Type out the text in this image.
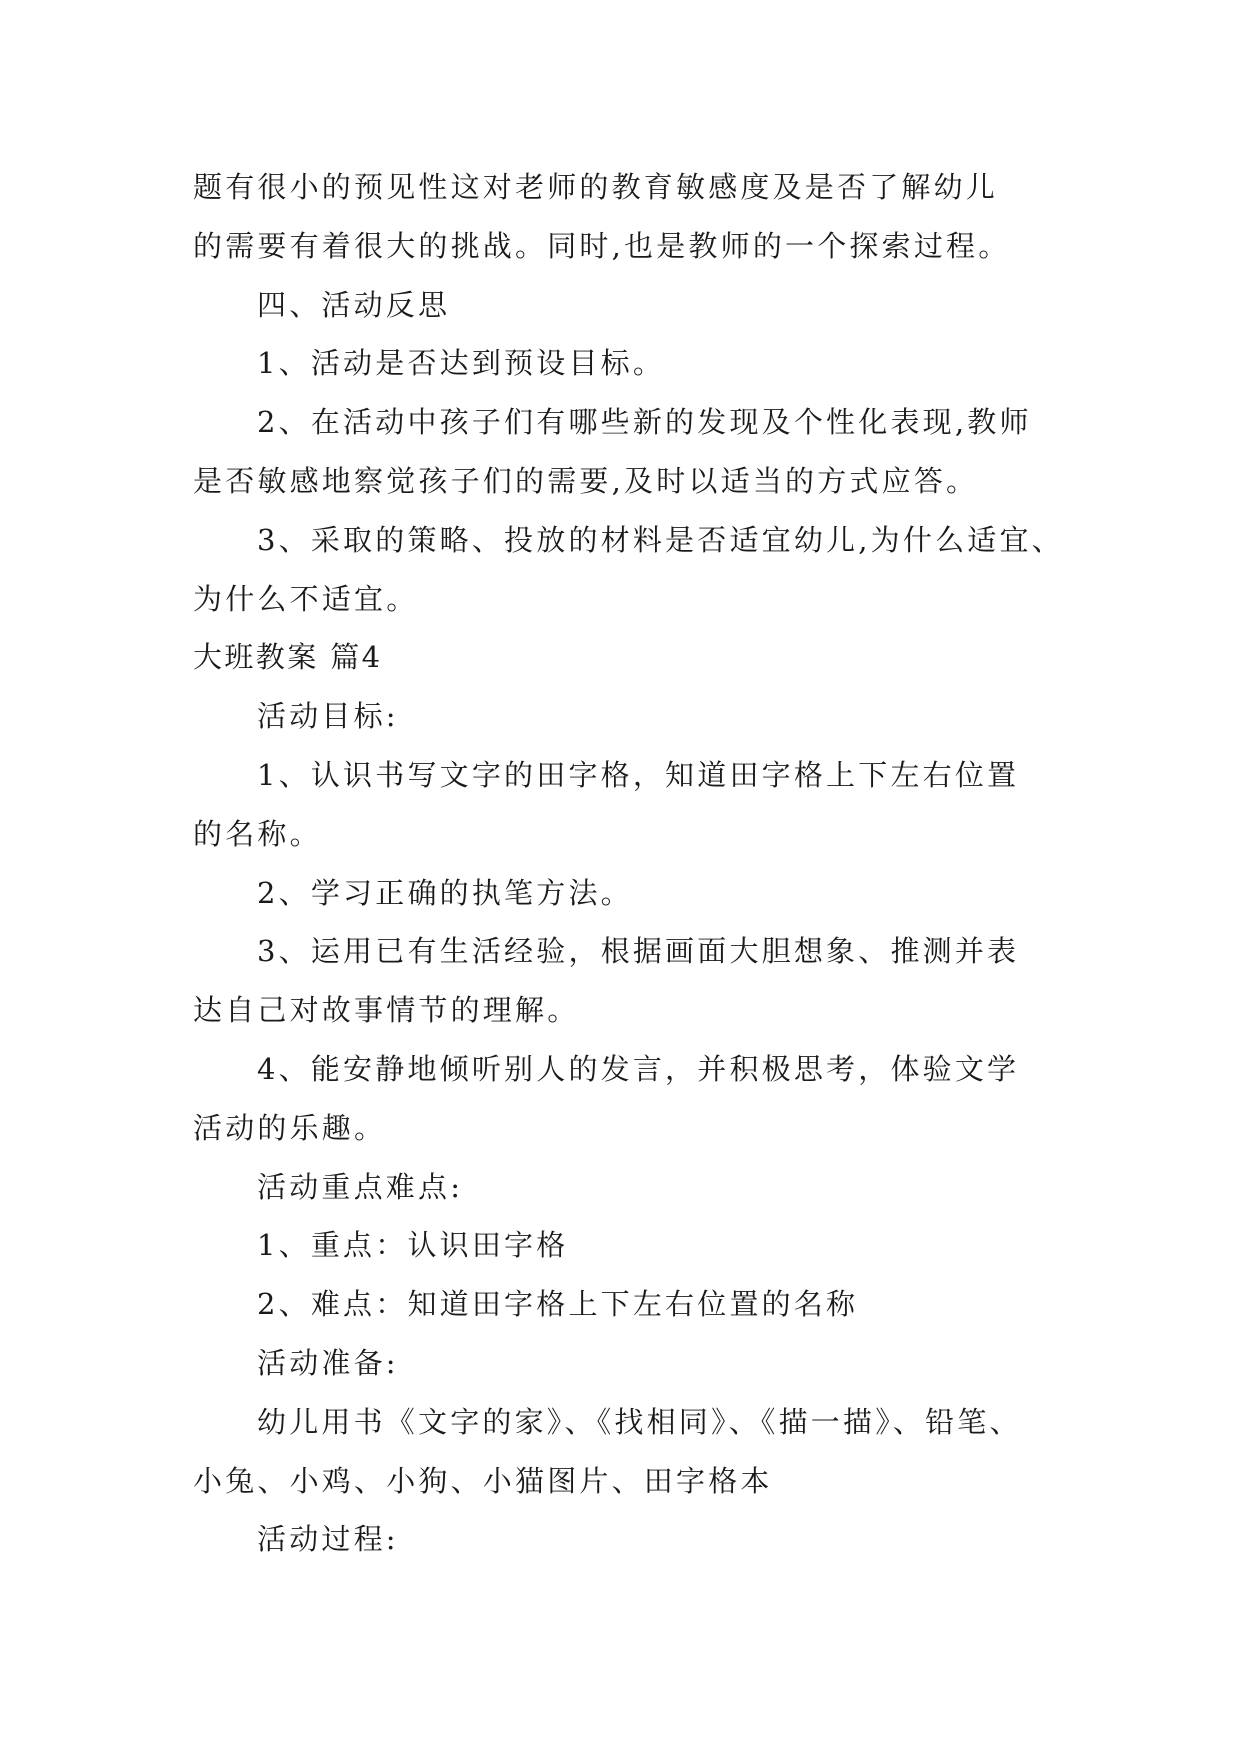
题有很小的预见性这对老师的教育敏感度及是否了解幼儿
的需要有着很大的挑战。同时,也是教师的一个探索过程。
四、活动反思
1、活动是否达到预设目标。
2、在活动中孩子们有哪些新的发现及个性化表现,教师
是否敏感地察觉孩子们的需要,及时以适当的方式应答。
3、采取的策略、投放的材料是否适宜幼儿,为什么适宜、
为什么不适宜。
大班教案 篇4
活动目标:
1、认识书写文字的田字格，知道田字格上下左右位置
的名称。
2、学习正确的执笔方法。
3、运用已有生活经验，根据画面大胆想象、推测并表
达自己对故事情节的理解。
4、能安静地倾听别人的发言，并积极思考，体验文学
活动的乐趣。
活动重点难点:
1、重点：认识田字格
2、难点：知道田字格上下左右位置的名称
活动准备:
幼儿用书《文字的家》、《找相同》、《描一描》、铅笔、
小兔、小鸡、小狗、小猫图片、田字格本
活动过程:
